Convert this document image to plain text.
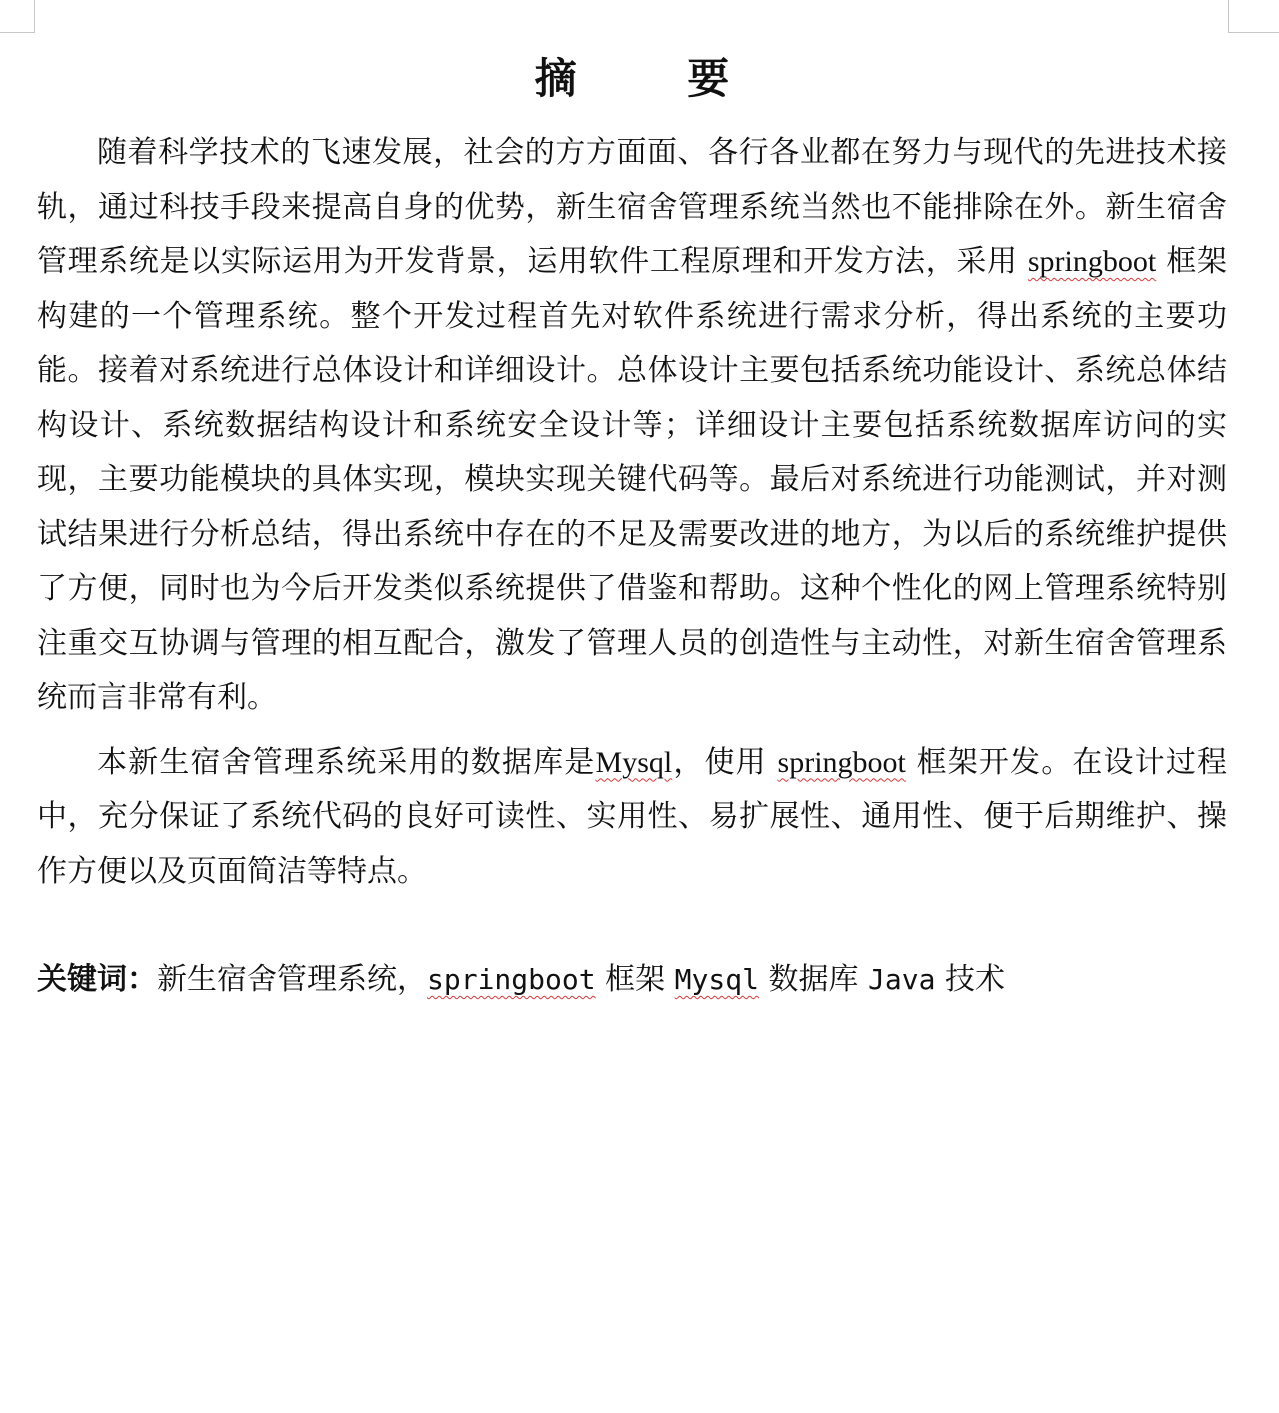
摘 要

随着科学技术的飞速发展，社会的方方面面、各行各业都在努力与现代的先进技术接轨，通过科技手段来提高自身的优势，新生宿舍管理系统当然也不能排除在外。新生宿舍管理系统是以实际运用为开发背景，运用软件工程原理和开发方法，采用 springboot 框架构建的一个管理系统。整个开发过程首先对软件系统进行需求分析，得出系统的主要功能。接着对系统进行总体设计和详细设计。总体设计主要包括系统功能设计、系统总体结构设计、系统数据结构设计和系统安全设计等；详细设计主要包括系统数据库访问的实现，主要功能模块的具体实现，模块实现关键代码等。最后对系统进行功能测试，并对测试结果进行分析总结，得出系统中存在的不足及需要改进的地方，为以后的系统维护提供了方便，同时也为今后开发类似系统提供了借鉴和帮助。这种个性化的网上管理系统特别注重交互协调与管理的相互配合，激发了管理人员的创造性与主动性，对新生宿舍管理系统而言非常有利。

本新生宿舍管理系统采用的数据库是Mysql，使用 springboot 框架开发。在设计过程中，充分保证了系统代码的良好可读性、实用性、易扩展性、通用性、便于后期维护、操作方便以及页面简洁等特点。

关键词：新生宿舍管理系统，springboot 框架 Mysql 数据库 Java 技术
